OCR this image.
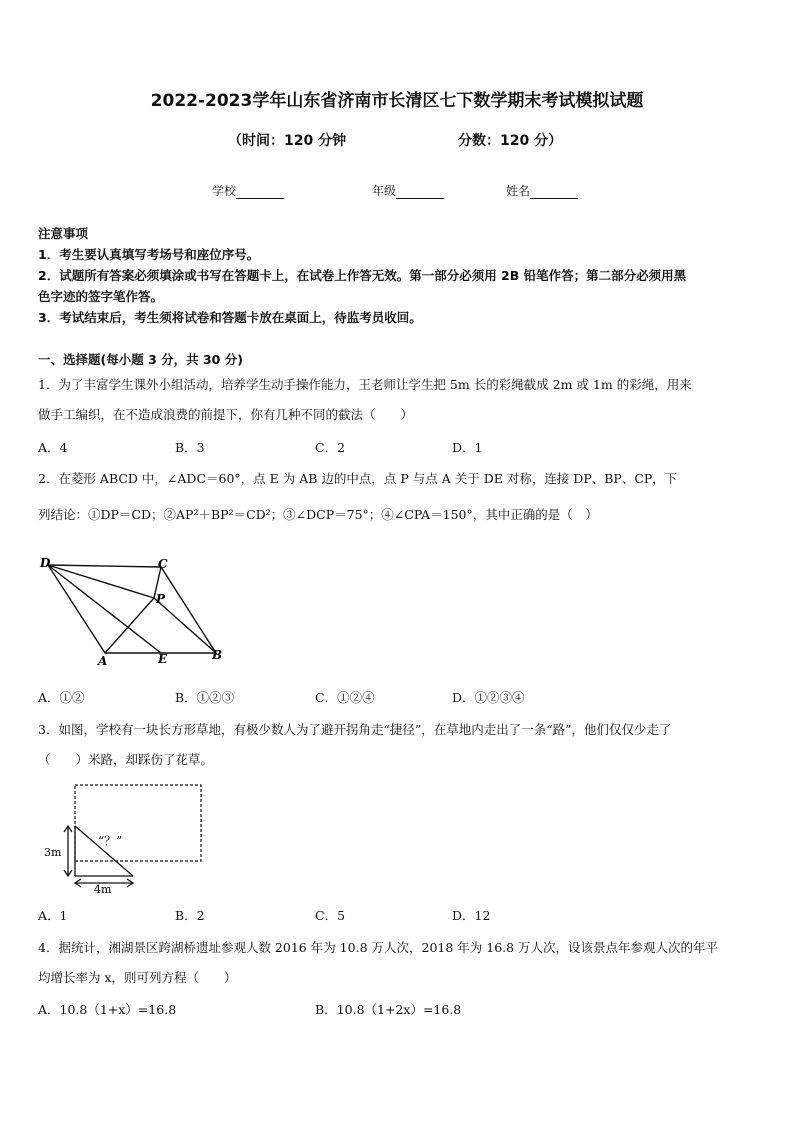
2022-2023学年山东省济南市长清区七下数学期末考试模拟试题
（时间：120 分钟	分数：120 分）
学校	年级	姓名
注意事项
1．考生要认真填写考场号和座位序号。
2．试题所有答案必须填涂或书写在答题卡上，在试卷上作答无效。第一部分必须用 2B 铅笔作答；第二部分必须用黑
色字迹的签字笔作答。
3．考试结束后，考生须将试卷和答题卡放在桌面上，待监考员收回。
一、选择题(每小题 3 分，共 30 分)
1．为了丰富学生课外小组活动，培养学生动手操作能力，王老师让学生把 5m 长的彩绳截成 2m 或 1m 的彩绳，用来
做手工编织，在不造成浪费的前提下，你有几种不同的截法（　　）
A．4	B．3	C．2	D．1
2．在菱形 ABCD 中，∠ADC＝60°，点 E 为 AB 边的中点，点 P 与点 A 关于 DE 对称，连接 DP、BP、CP，下
列结论：①DP＝CD；②AP²＋BP²＝CD²；③∠DCP＝75°；④∠CPA＝150°，其中正确的是（　）
D	C
P
A	E	B
A．①②	B．①②③	C．①②④	D．①②③④
3．如图，学校有一块长方形草地，有极少数人为了避开拐角走“捷径”，在草地内走出了一条“路”，他们仅仅少走了
（　　）米路，却踩伤了花草。
3m
4m
“？”
A．1	B．2	C．5	D．12
4．据统计，湘湖景区跨湖桥遗址参观人数 2016 年为 10.8 万人次，2018 年为 16.8 万人次，设该景点年参观人次的年平
均增长率为 x，则可列方程（　　）
A．10.8（1+x）=16.8	B．10.8（1+2x）=16.8
